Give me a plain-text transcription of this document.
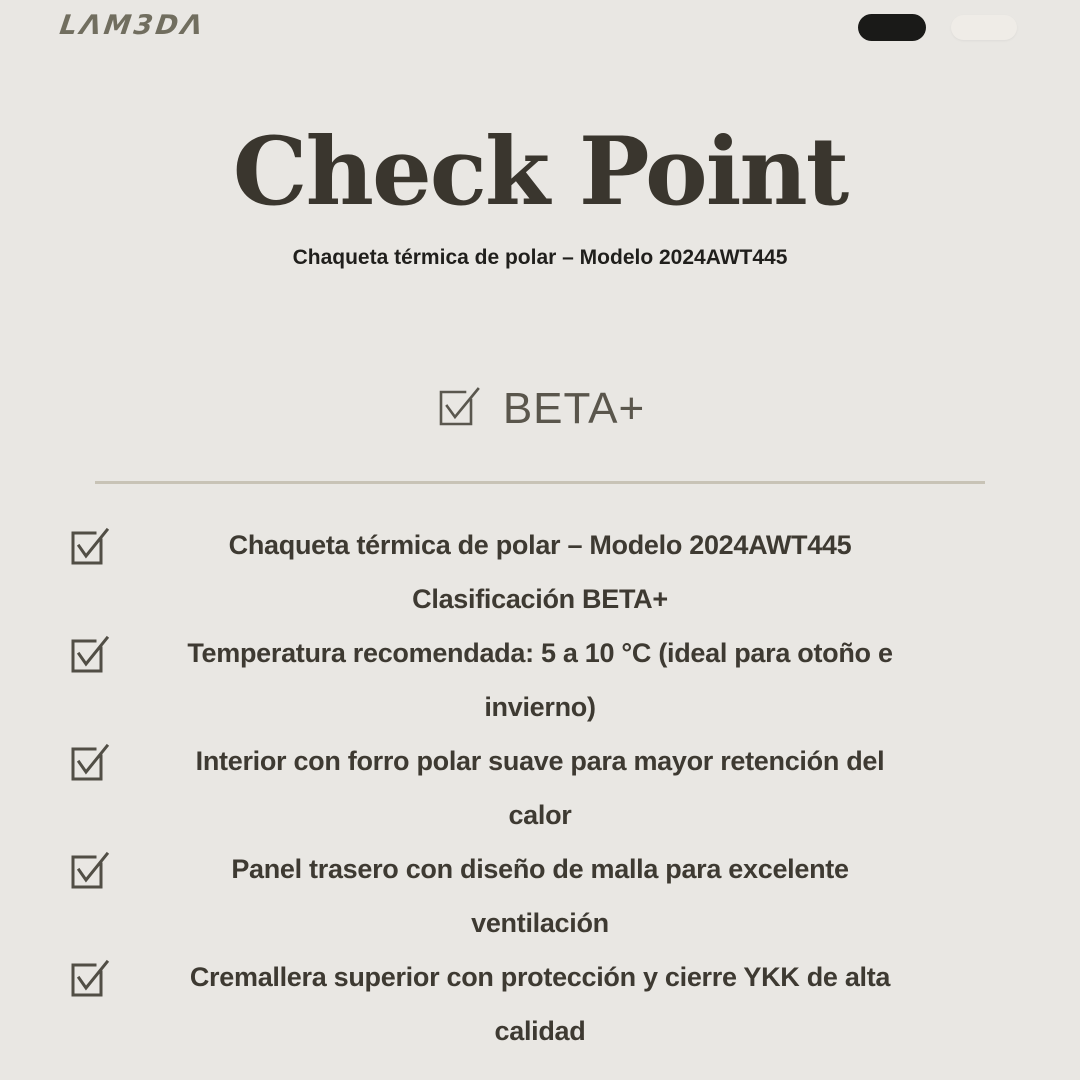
LΛM3DΛ
Check Point

Chaqueta térmica de polar – Modelo 2024AWT445

BETA+
Chaqueta térmica de polar – Modelo 2024AWT445
Clasificación BETA+
Temperatura recomendada: 5 a 10 °C (ideal para otoño e
invierno)
Interior con forro polar suave para mayor retención del
calor
Panel trasero con diseño de malla para excelente
ventilación
Cremallera superior con protección y cierre YKK de alta
calidad
